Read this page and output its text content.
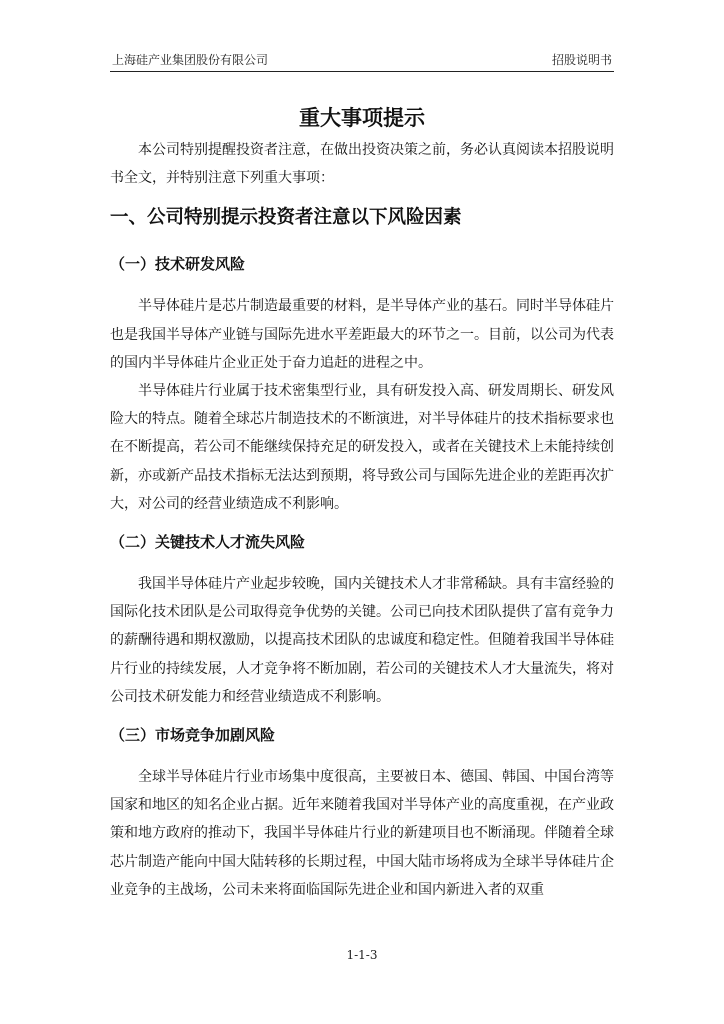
上海硅产业集团股份有限公司	招股说明书
重大事项提示

本公司特别提醒投资者注意，在做出投资决策之前，务必认真阅读本招股说明书全文，并特别注意下列重大事项：

一、公司特别提示投资者注意以下风险因素
（一）技术研发风险

半导体硅片是芯片制造最重要的材料，是半导体产业的基石。同时半导体硅片也是我国半导体产业链与国际先进水平差距最大的环节之一。目前，以公司为代表的国内半导体硅片企业正处于奋力追赶的进程之中。

半导体硅片行业属于技术密集型行业，具有研发投入高、研发周期长、研发风险大的特点。随着全球芯片制造技术的不断演进，对半导体硅片的技术指标要求也在不断提高，若公司不能继续保持充足的研发投入，或者在关键技术上未能持续创新，亦或新产品技术指标无法达到预期，将导致公司与国际先进企业的差距再次扩大，对公司的经营业绩造成不利影响。

（二）关键技术人才流失风险

我国半导体硅片产业起步较晚，国内关键技术人才非常稀缺。具有丰富经验的国际化技术团队是公司取得竞争优势的关键。公司已向技术团队提供了富有竞争力的薪酬待遇和期权激励，以提高技术团队的忠诚度和稳定性。但随着我国半导体硅片行业的持续发展，人才竞争将不断加剧，若公司的关键技术人才大量流失，将对公司技术研发能力和经营业绩造成不利影响。

（三）市场竞争加剧风险

全球半导体硅片行业市场集中度很高，主要被日本、德国、韩国、中国台湾等国家和地区的知名企业占据。近年来随着我国对半导体产业的高度重视，在产业政策和地方政府的推动下，我国半导体硅片行业的新建项目也不断涌现。伴随着全球芯片制造产能向中国大陆转移的长期过程，中国大陆市场将成为全球半导体硅片企业竞争的主战场，公司未来将面临国际先进企业和国内新进入者的双重

1-1-3
